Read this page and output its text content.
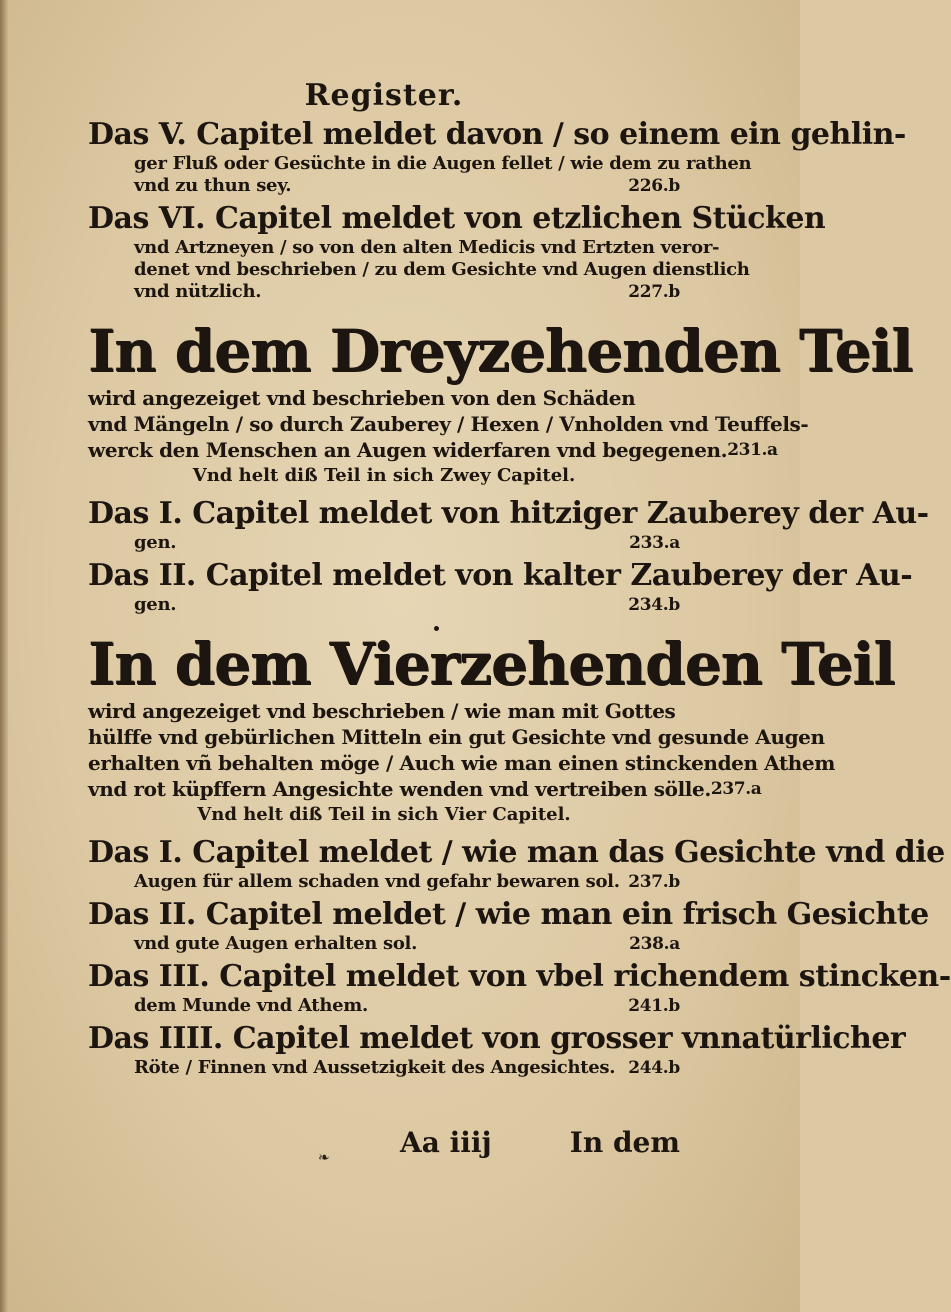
Register.
Das V. Capitel meldet davon / so einem ein gehlin‑
ger Fluß oder Gesüchte in die Augen fellet / wie dem zu rathen
vnd zu thun sey.	226.b
Das VI. Capitel meldet von etzlichen Stücken
vnd Artzneyen / so von den alten Medicis vnd Ertzten veror‑
denet vnd beschrieben / zu dem Gesichte vnd Augen dienstlich
vnd nützlich.	227.b
In dem Dreyzehenden Teil
wird angezeiget vnd beschrieben von den Schäden
vnd Mängeln / so durch Zauberey / Hexen / Vnholden vnd Teuffels‑
werck den Menschen an Augen widerfaren vnd begegenen. 231.a
Vnd helt diß Teil in sich Zwey Capitel.
Das I. Capitel meldet von hitziger Zauberey der Au‑
gen.	233.a
Das II. Capitel meldet von kalter Zauberey der Au‑
gen.	234.b
In dem Vierzehenden Teil
wird angezeiget vnd beschrieben / wie man mit Gottes
hülffe vnd gebürlichen Mitteln ein gut Gesichte vnd gesunde Augen
erhalten vñ behalten möge / Auch wie man einen stinckenden Athem
vnd rot küpffern Angesichte wenden vnd vertreiben sölle. 237.a
Vnd helt diß Teil in sich Vier Capitel.
Das I. Capitel meldet / wie man das Gesichte vnd die
Augen für allem schaden vnd gefahr bewaren sol. 237.b
Das II. Capitel meldet / wie man ein frisch Gesichte
vnd gute Augen erhalten sol.	238.a
Das III. Capitel meldet von vbel richendem stincken‑
dem Munde vnd Athem.	241.b
Das IIII. Capitel meldet von grosser vnnatürlicher
Röte / Finnen vnd Aussetzigkeit des Angesichtes. 244.b
Aa iiij	In dem
❧
